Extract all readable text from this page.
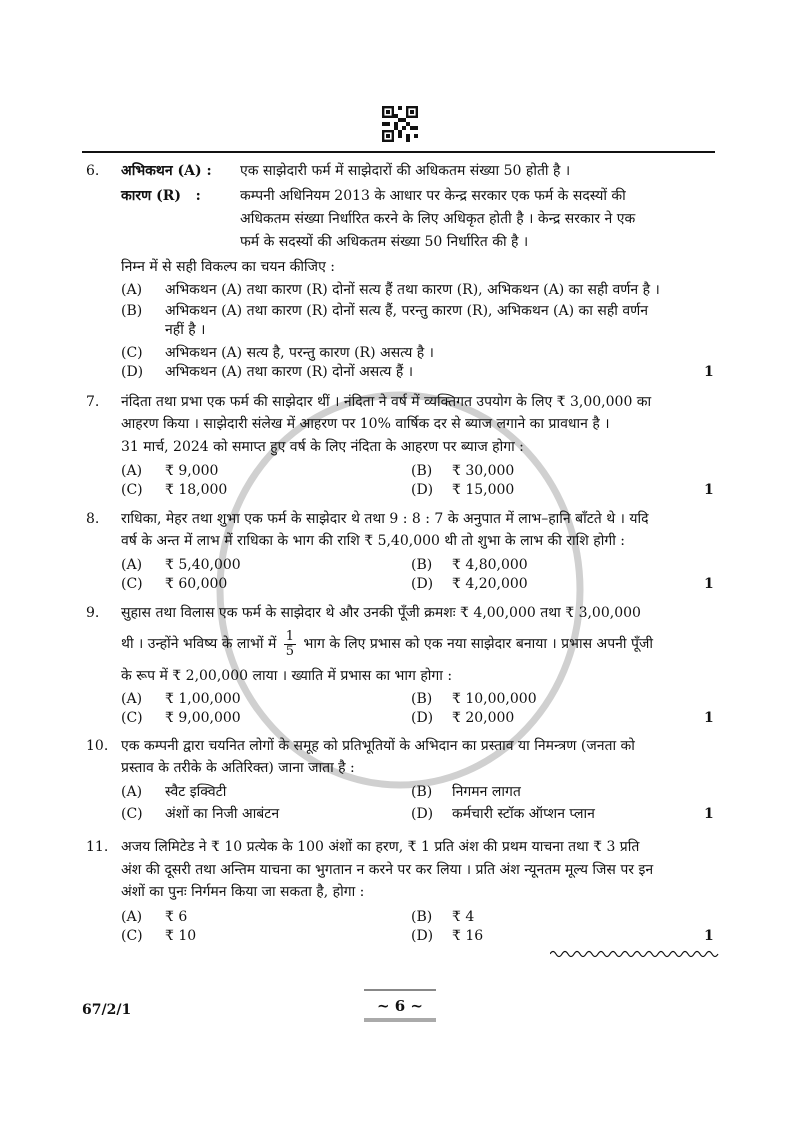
6. अभिकथन (A) : एक साझेदारी फर्म में साझेदारों की अधिकतम संख्या 50 होती है ।
कारण (R)   :	कम्पनी अधिनियम 2013 के आधार पर केन्द्र सरकार एक फर्म के सदस्यों की
अधिकतम संख्या निर्धारित करने के लिए अधिकृत होती है । केन्द्र सरकार ने एक
फर्म के सदस्यों की अधिकतम संख्या 50 निर्धारित की है ।
निम्न में से सही विकल्प का चयन कीजिए :
(A) अभिकथन (A) तथा कारण (R) दोनों सत्य हैं तथा कारण (R), अभिकथन (A) का सही वर्णन है ।
(B) अभिकथन (A) तथा कारण (R) दोनों सत्य हैं, परन्तु कारण (R), अभिकथन (A) का सही वर्णन
नहीं है ।
(C) अभिकथन (A) सत्य है, परन्तु कारण (R) असत्य है ।
(D) अभिकथन (A) तथा कारण (R) दोनों असत्य हैं ।	1
7. नंदिता तथा प्रभा एक फर्म की साझेदार थीं । नंदिता ने वर्ष में व्यक्तिगत उपयोग के लिए ₹ 3,00,000 का
आहरण किया । साझेदारी संलेख में आहरण पर 10% वार्षिक दर से ब्याज लगाने का प्रावधान है ।
31 मार्च, 2024 को समाप्त हुए वर्ष के लिए नंदिता के आहरण पर ब्याज होगा :
(A) ₹ 9,000	(B) ₹ 30,000
(C) ₹ 18,000	(D) ₹ 15,000	1
8. राधिका, मेहर तथा शुभा एक फर्म के साझेदार थे तथा 9 : 8 : 7 के अनुपात में लाभ–हानि बाँटते थे । यदि
वर्ष के अन्त में लाभ में राधिका के भाग की राशि ₹ 5,40,000 थी तो शुभा के लाभ की राशि होगी :
(A) ₹ 5,40,000	(B) ₹ 4,80,000
(C) ₹ 60,000	(D) ₹ 4,20,000	1
9. सुहास तथा विलास एक फर्म के साझेदार थे और उनकी पूँजी क्रमशः ₹ 4,00,000 तथा ₹ 3,00,000
थी । उन्होंने भविष्य के लाभों में $\frac{1}{5}$ भाग के लिए प्रभास को एक नया साझेदार बनाया । प्रभास अपनी पूँजी
के रूप में ₹ 2,00,000 लाया । ख्याति में प्रभास का भाग होगा :
(A) ₹ 1,00,000	(B) ₹ 10,00,000
(C) ₹ 9,00,000	(D) ₹ 20,000	1
10. एक कम्पनी द्वारा चयनित लोगों के समूह को प्रतिभूतियों के अभिदान का प्रस्ताव या निमन्त्रण (जनता को
प्रस्ताव के तरीके के अतिरिक्त) जाना जाता है :
(A) स्वैट इक्विटी	(B) निगमन लागत
(C) अंशों का निजी आबंटन	(D) कर्मचारी स्टॉक ऑप्शन प्लान	1
11. अजय लिमिटेड ने ₹ 10 प्रत्येक के 100 अंशों का हरण, ₹ 1 प्रति अंश की प्रथम याचना तथा ₹ 3 प्रति
अंश की दूसरी तथा अन्तिम याचना का भुगतान न करने पर कर लिया । प्रति अंश न्यूनतम मूल्य जिस पर इन
अंशों का पुनः निर्गमन किया जा सकता है, होगा :
(A) ₹ 6	(B) ₹ 4
(C) ₹ 10	(D) ₹ 16	1
67/2/1	~ 6 ~
